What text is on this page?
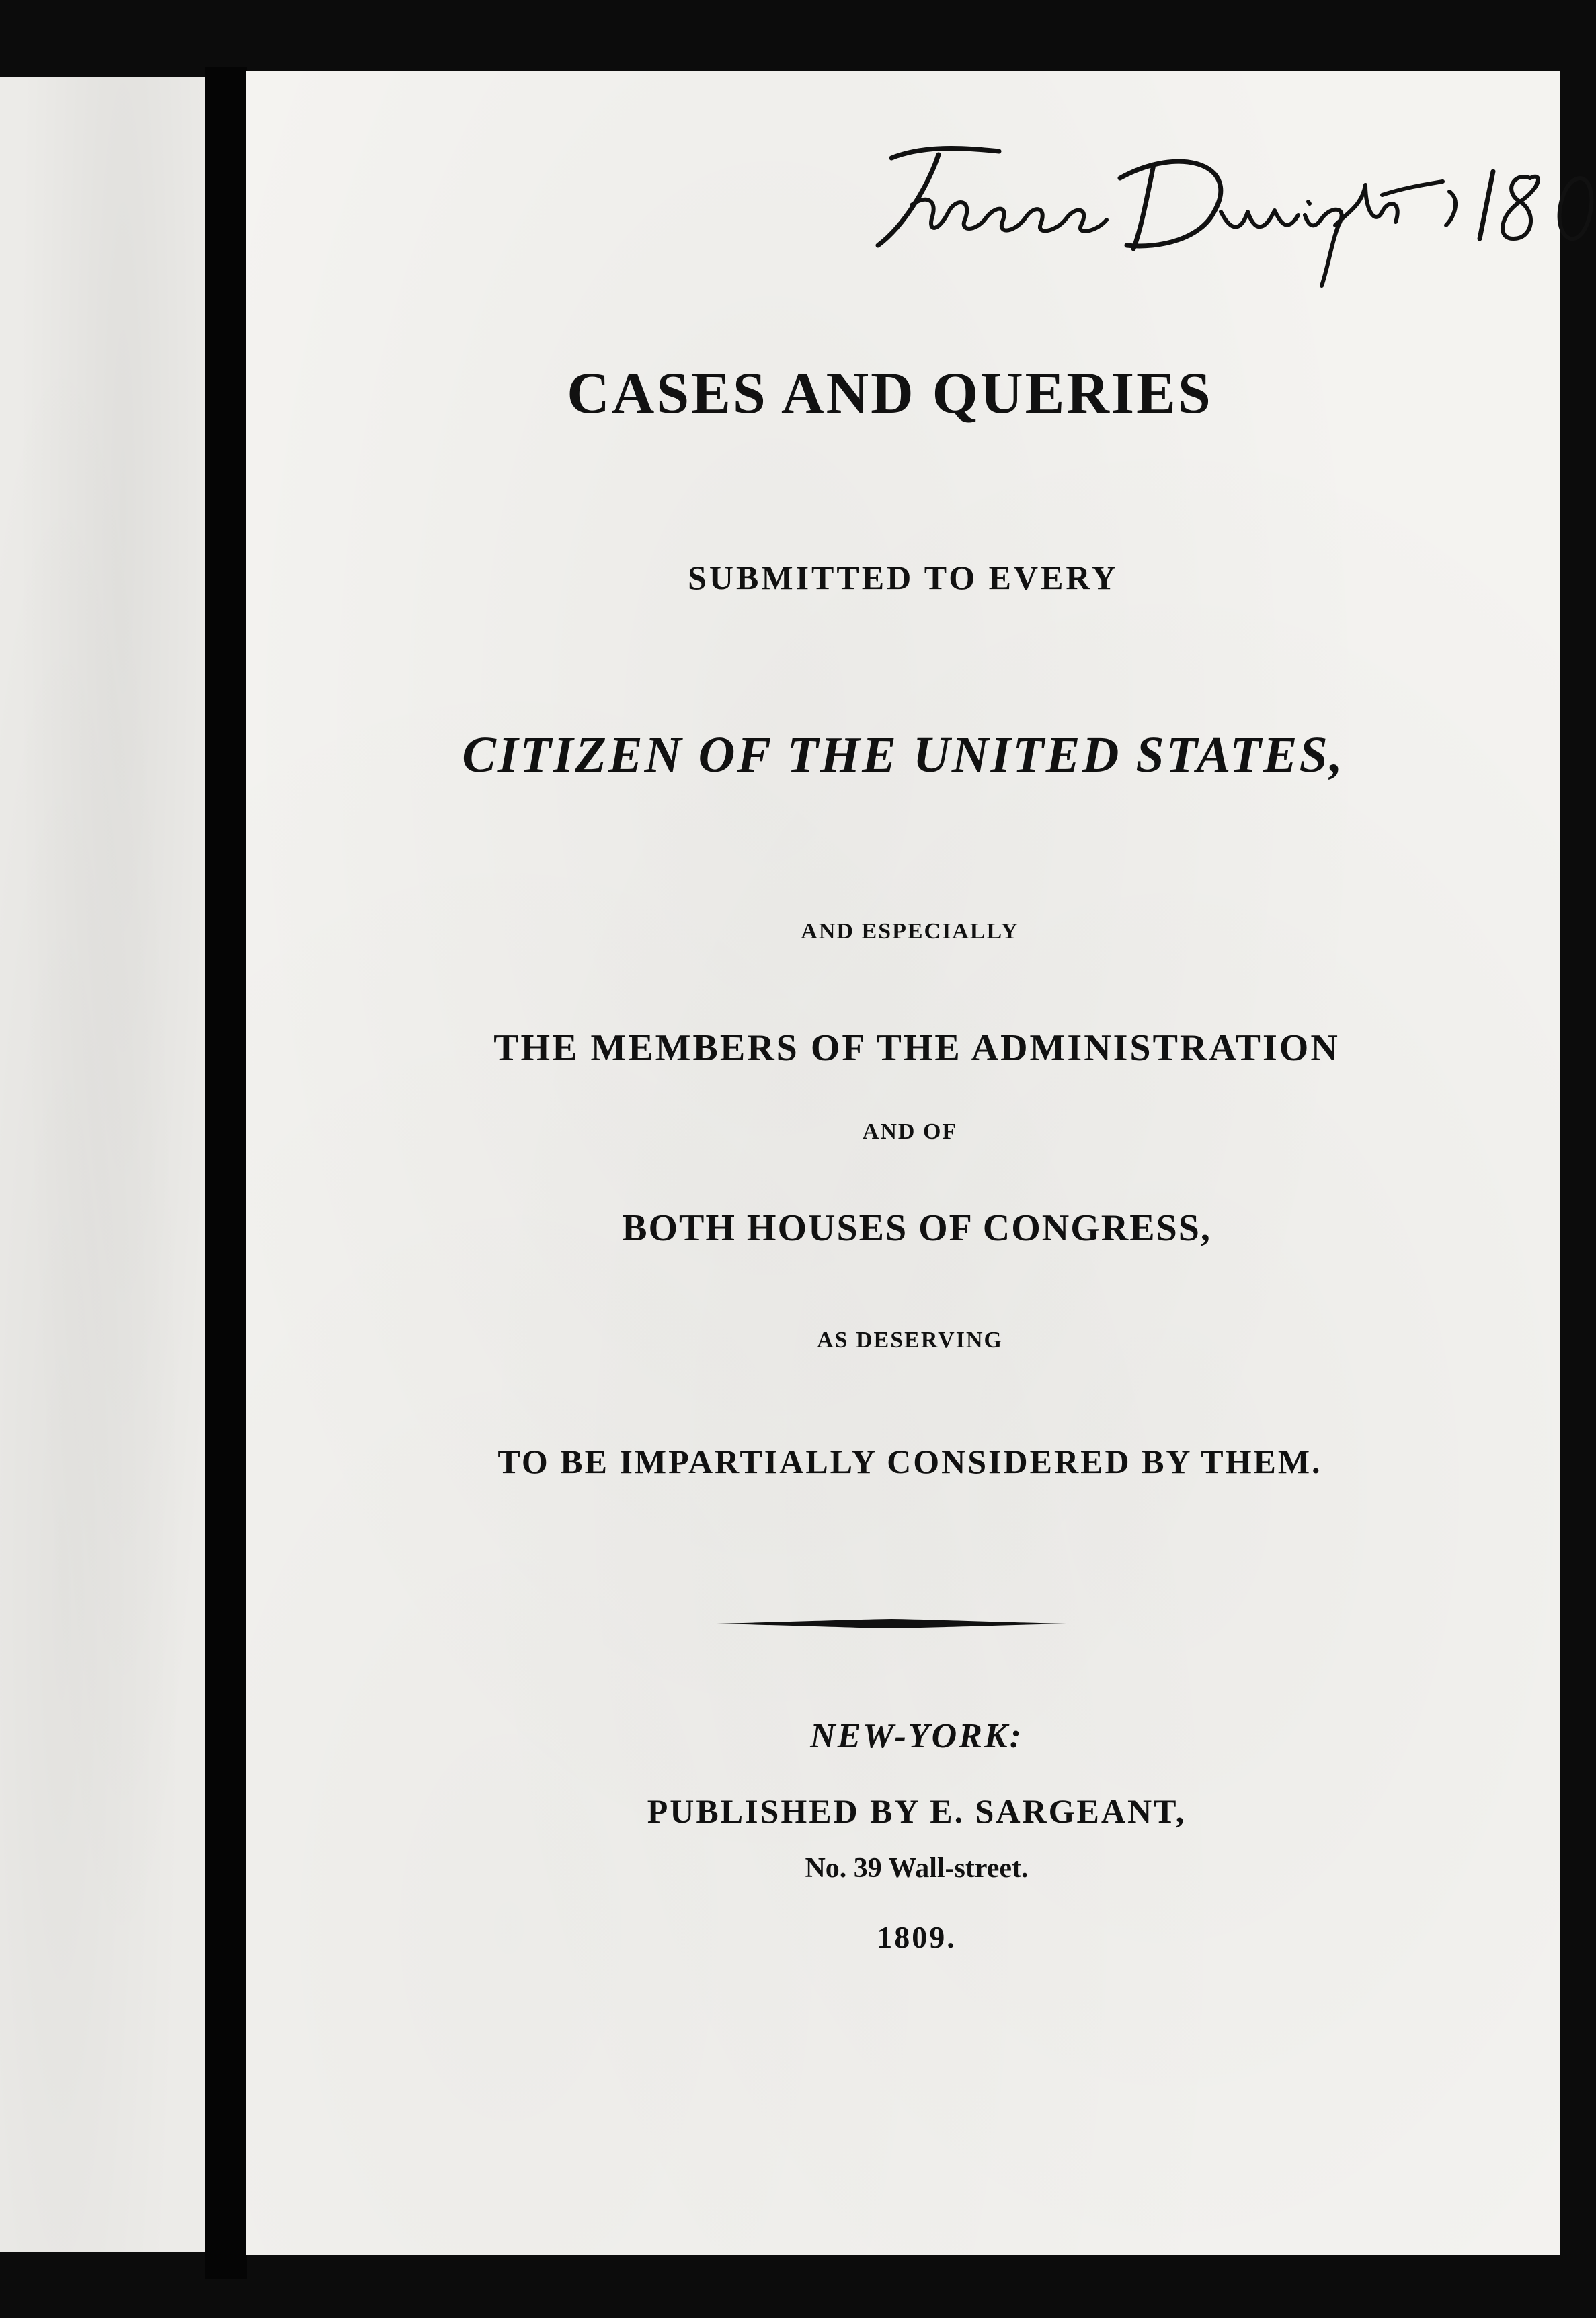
CASES AND QUERIES
SUBMITTED TO EVERY
CITIZEN OF THE UNITED STATES,
AND ESPECIALLY
THE MEMBERS OF THE ADMINISTRATION
AND OF
BOTH HOUSES OF CONGRESS,
AS DESERVING
TO BE IMPARTIALLY CONSIDERED BY THEM.
NEW-YORK:
PUBLISHED BY E. SARGEANT,
No. 39 Wall-street.
1809.
